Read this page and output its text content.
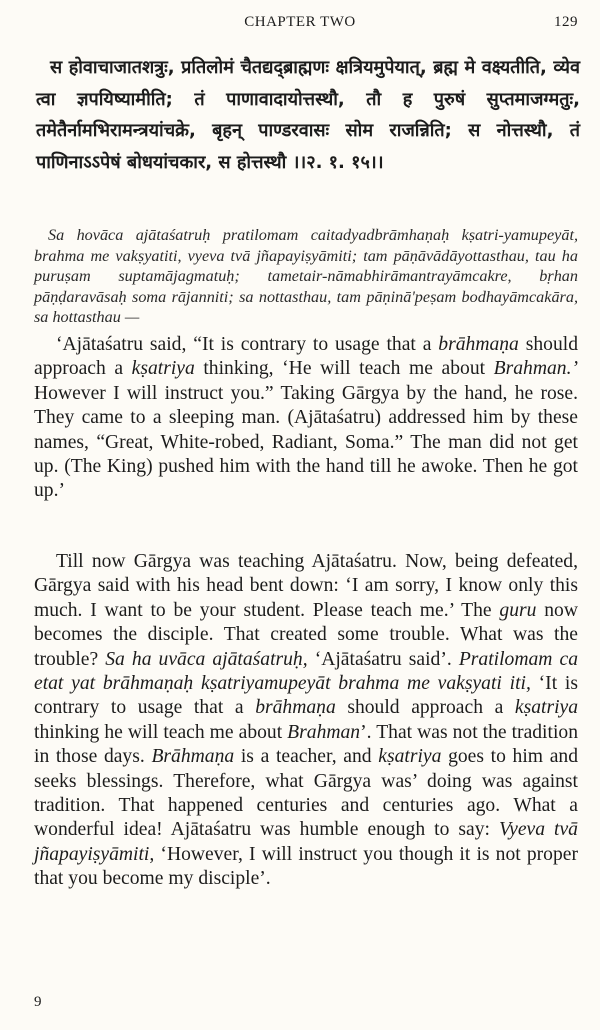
CHAPTER TWO	129
स होवाचाजातशत्रुः, प्रतिलोमं चैतद्यद्ब्राह्मणः क्षत्रियमुपेयात्, ब्रह्म मे वक्ष्यतीति, व्येव त्वा ज्ञपयिष्यामीति; तं पाणावादायोत्तस्थौ, तौ ह पुरुषं सुप्तमाजग्मतुः, तमेतैर्नामभिरामन्त्रयांचक्रे, बृहन् पाण्डरवासः सोम राजन्निति; स नोत्तस्थौ, तं पाणिनाऽऽपेषं बोधयांचकार, स होत्तस्थौ ।।२. १. १५।।
Sa hovāca ajātaśatruḥ pratilomam caitadyadbrāmhaṇaḥ kṣatri-yamupeyāt, brahma me vakṣyatiti, vyeva tvā jñapayiṣyāmiti; tam pāṇāvādāyottasthau, tau ha puruṣam suptamājagmatuḥ; tametair-nāmabhirāmantrayāmcakre, bṛhan pāṇḍaravāsaḥ soma rājanniti; sa nottasthau, tam pāṇinā'peṣam bodhayāmcakāra, sa hottasthau —
‘Ajātaśatru said, “It is contrary to usage that a brāhmaṇa should approach a kṣatriya thinking, ‘He will teach me about Brahman.’ However I will instruct you.” Taking Gārgya by the hand, he rose. They came to a sleeping man. (Ajātaśatru) addressed him by these names, “Great, White-robed, Radiant, Soma.” The man did not get up. (The King) pushed him with the hand till he awoke. Then he got up.’
Till now Gārgya was teaching Ajātaśatru. Now, being defeated, Gārgya said with his head bent down: ‘I am sorry, I know only this much. I want to be your student. Please teach me.’ The guru now becomes the disciple. That created some trouble. What was the trouble? Sa ha uvāca ajātaśatruḥ, ‘Ajātaśatru said’. Pratilomam ca etat yat brāhmaṇaḥ kṣatriyamupeyāt brahma me vakṣyati iti, ‘It is contrary to usage that a brāhmaṇa should approach a kṣatriya thinking he will teach me about Brahman’. That was not the tradition in those days. Brāhmaṇa is a teacher, and kṣatriya goes to him and seeks blessings. Therefore, what Gārgya was’ doing was against tradition. That happened centuries and centuries ago. What a wonderful idea! Ajātaśatru was humble enough to say: Vyeva tvā jñapayiṣyāmiti, ‘However, I will instruct you though it is not proper that you become my disciple’.
9
